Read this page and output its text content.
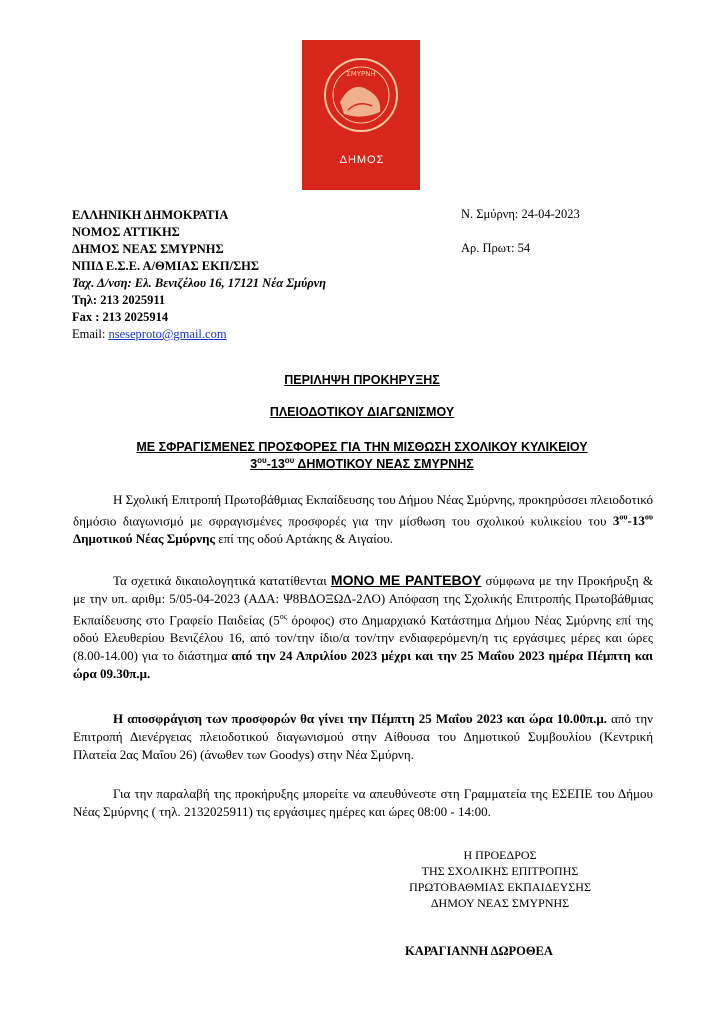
ΣΜΥΡΝΗ
ΔΗΜΟΣ
ΝΕΑΣ ΣΜΥΡΝΗΣ
ΕΛΛΗΝΙΚΗ ΔΗΜΟΚΡΑΤΙΑ
ΝΟΜΟΣ ΑΤΤΙΚΗΣ
ΔΗΜΟΣ ΝΕΑΣ ΣΜΥΡΝΗΣ
ΝΠΙΔ Ε.Σ.Ε. Α/ΘΜΙΑΣ ΕΚΠ/ΣΗΣ
Ταχ. Δ/νση: Ελ. Βενιζέλου 16, 17121 Νέα Σμύρνη
Τηλ: 213 2025911
Fax : 213 2025914
Email: nseseproto@gmail.com
Ν. Σμύρνη: 24-04-2023
Αρ. Πρωτ: 54
ΠΕΡΙΛΗΨΗ ΠΡΟΚΗΡΥΞΗΣ
ΠΛΕΙΟΔΟΤΙΚΟΥ ΔΙΑΓΩΝΙΣΜΟΥ
ΜΕ ΣΦΡΑΓΙΣΜΕΝΕΣ ΠΡΟΣΦΟΡΕΣ ΓΙΑ ΤΗΝ ΜΙΣΘΩΣΗ ΣΧΟΛΙΚΟΥ ΚΥΛΙΚΕΙΟΥ
$3^{o\upsilon}-13^{o\upsilon}$ ΔΗΜΟΤΙΚΟΥ ΝΕΑΣ ΣΜΥΡΝΗΣ

Η Σχολική Επιτροπή Πρωτοβάθμιας Εκπαίδευσης του Δήμου Νέας Σμύρνης, προκηρύσσει πλειοδοτικό δημόσιο διαγωνισμό με σφραγισμένες προσφορές για την μίσθωση του σχολικού κυλικείου του $3^{o\upsilon}-13^{o\upsilon}$ Δημοτικού Νέας Σμύρνης επί της οδού Αρτάκης & Αιγαίου.

Τα σχετικά δικαιολογητικά κατατίθενται ΜΟΝΟ ΜΕ ΡΑΝΤΕΒΟΥ σύμφωνα με την Προκήρυξη & με την υπ. αριθμ: 5/05-04-2023 (ΑΔΑ: Ψ8ΒΔΟΞΩΔ-2ΛΟ) Απόφαση της Σχολικής Επιτροπής Πρωτοβάθμιας Εκπαίδευσης στο Γραφείο Παιδείας ($5^{o\varsigma}$ όροφος) στο Δημαρχιακό Κατάστημα Δήμου Νέας Σμύρνης επί της οδού Ελευθερίου Βενιζέλου 16, από τον/την ίδιο/α τον/την ενδιαφερόμενη/η τις εργάσιμες μέρες και ώρες (8.00-14.00) για το διάστημα από την 24 Απριλίου 2023 μέχρι και την 25 Μαΐου 2023 ημέρα Πέμπτη και ώρα 09.30π.μ.

Η αποσφράγιση των προσφορών θα γίνει την Πέμπτη 25 Μαΐου 2023 και ώρα 10.00π.μ. από την Επιτροπή Διενέργειας πλειοδοτικού διαγωνισμού στην Αίθουσα του Δημοτικού Συμβουλίου (Κεντρική Πλατεία 2ας Μαΐου 26) (άνωθεν των Goodys) στην Νέα Σμύρνη.

Για την παραλαβή της προκήρυξης μπορείτε να απευθύνεστε στη Γραμματεία της ΕΣΕΠΕ του Δήμου Νέας Σμύρνης ( τηλ. 2132025911) τις εργάσιμες ημέρες και ώρες 08:00 - 14:00.

Η ΠΡΟΕΔΡΟΣ
ΤΗΣ ΣΧΟΛΙΚΗΣ ΕΠΙΤΡΟΠΗΣ
ΠΡΩΤΟΒΑΘΜΙΑΣ ΕΚΠΑΙΔΕΥΣΗΣ
ΔΗΜΟΥ ΝΕΑΣ ΣΜΥΡΝΗΣ
ΚΑΡΑΓΙΑΝΝΗ ΔΩΡΟΘΕΑ
